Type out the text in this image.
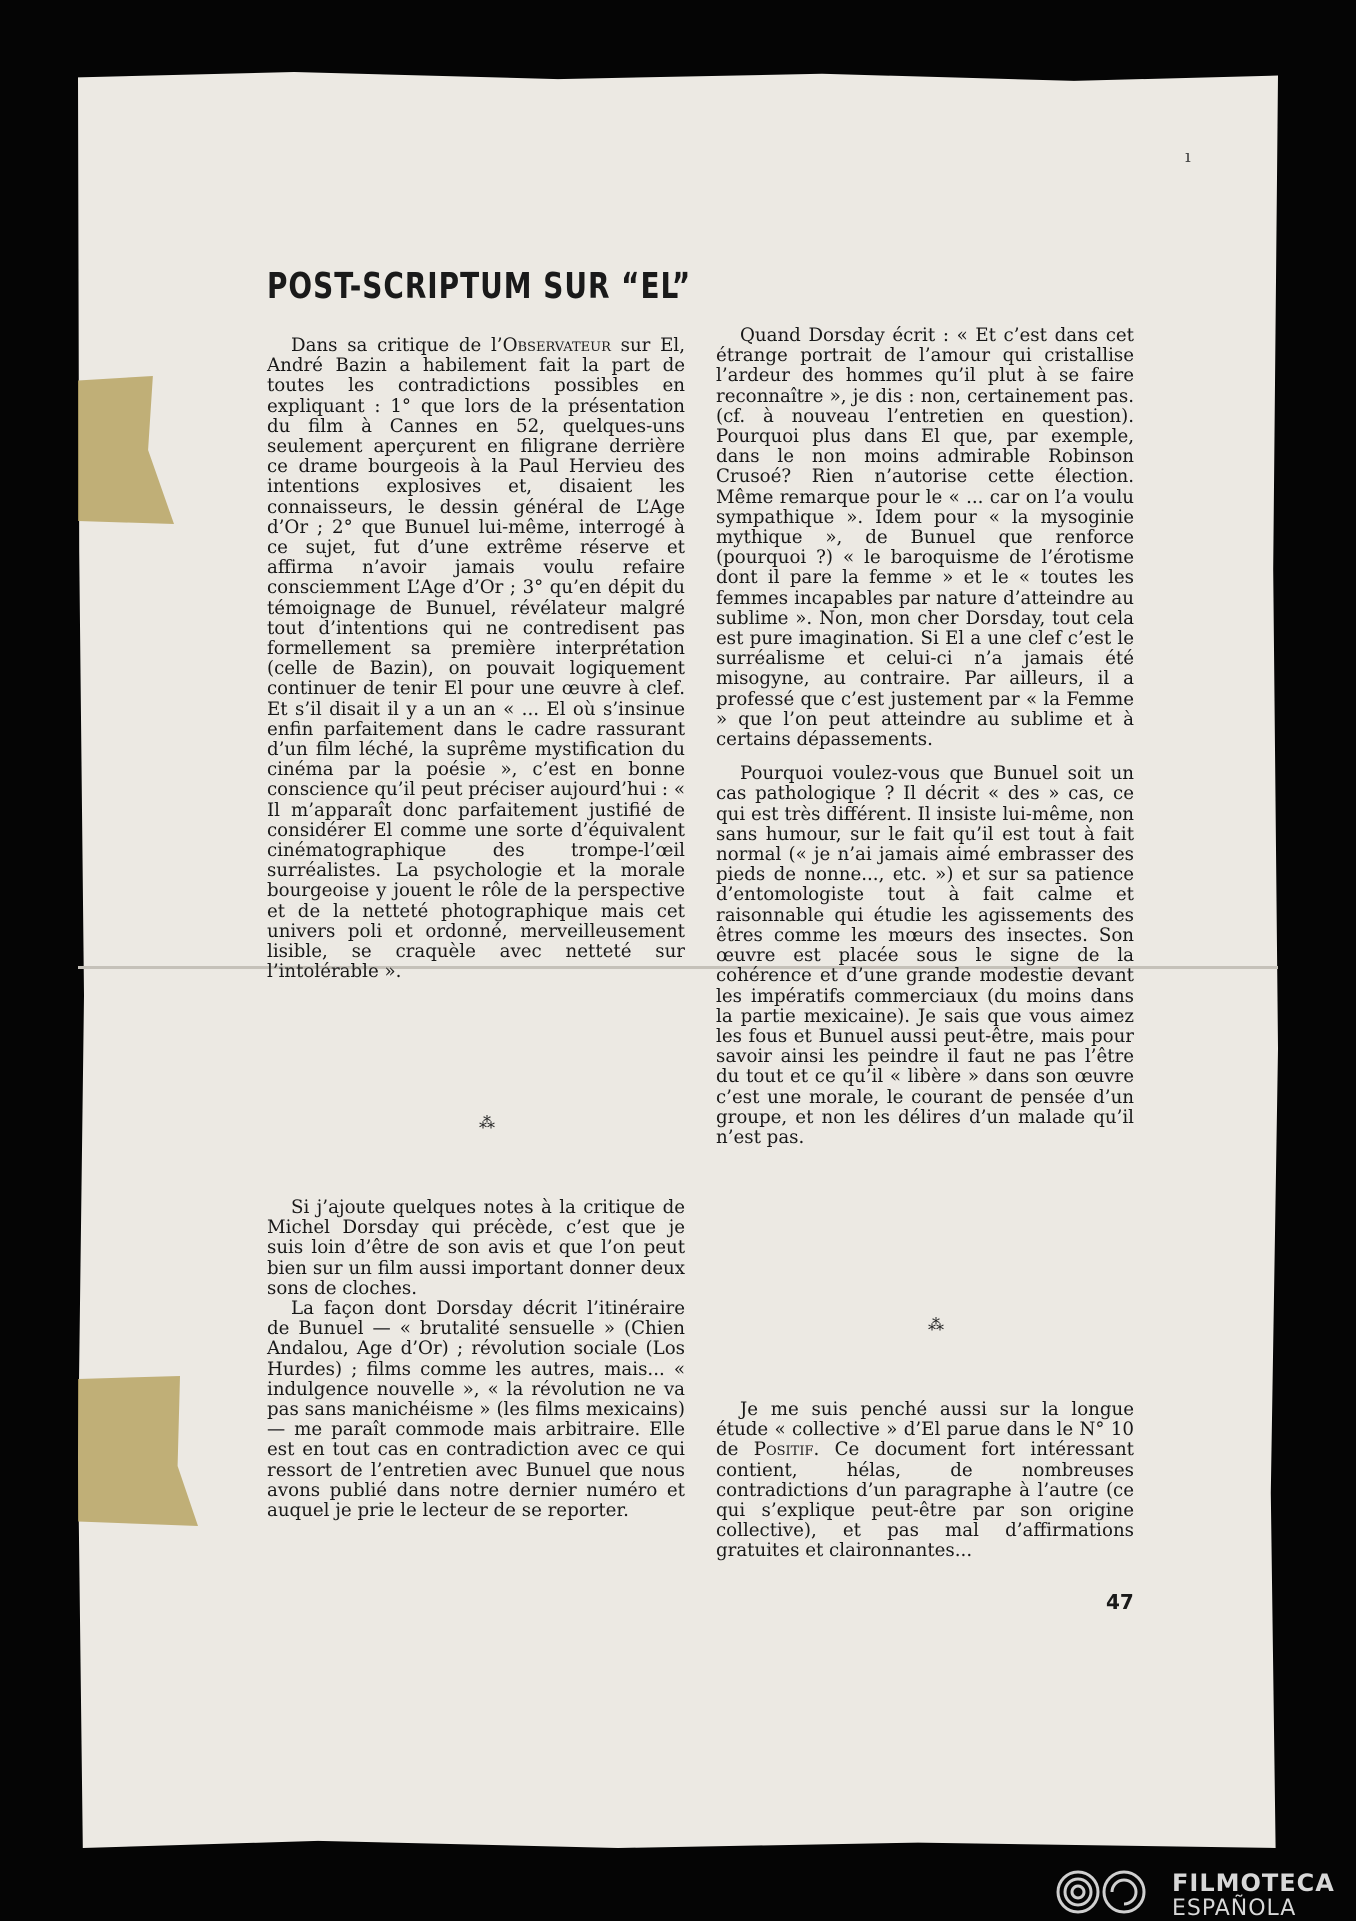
ı
POST-SCRIPTUM SUR “EL”

Dans sa critique de l’Observateur sur El, André Bazin a habilement fait la part de toutes les contradictions possibles en expliquant : 1° que lors de la présentation du film à Cannes en 52, quelques-uns seulement aperçurent en filigrane derrière ce drame bourgeois à la Paul Hervieu des intentions explosives et, disaient les connaisseurs, le dessin général de L’Age d’Or ; 2° que Bunuel lui-même, interrogé à ce sujet, fut d’une extrême réserve et affirma n’avoir jamais voulu refaire consciemment L’Age d’Or ; 3° qu’en dépit du témoignage de Bunuel, révélateur malgré tout d’intentions qui ne contredisent pas formellement sa première interprétation (celle de Bazin), on pouvait logiquement continuer de tenir El pour une œuvre à clef. Et s’il disait il y a un an « ... El où s’insinue enfin parfaitement dans le cadre rassurant d’un film léché, la suprême mystification du cinéma par la poésie », c’est en bonne conscience qu’il peut préciser aujourd’hui : « Il m’apparaît donc parfaitement justifié de considérer El comme une sorte d’équivalent cinématographique des trompe-l’œil surréalistes. La psychologie et la morale bourgeoise y jouent le rôle de la perspective et de la netteté photographique mais cet univers poli et ordonné, merveilleusement lisible, se craquèle avec netteté sur l’intolérable ».

⁂

Si j’ajoute quelques notes à la critique de Michel Dorsday qui précède, c’est que je suis loin d’être de son avis et que l’on peut bien sur un film aussi important donner deux sons de cloches.

La façon dont Dorsday décrit l’itinéraire de Bunuel — « brutalité sensuelle » (Chien Andalou, Age d’Or) ; révolution sociale (Los Hurdes) ; films comme les autres, mais... « indulgence nouvelle », « la révolution ne va pas sans manichéisme » (les films mexicains) — me paraît commode mais arbitraire. Elle est en tout cas en contradiction avec ce qui ressort de l’entretien avec Bunuel que nous avons publié dans notre dernier numéro et auquel je prie le lecteur de se reporter.

Quand Dorsday écrit : « Et c’est dans cet étrange portrait de l’amour qui cristallise l’ardeur des hommes qu’il plut à se faire reconnaître », je dis : non, certainement pas. (cf. à nouveau l’entretien en question). Pourquoi plus dans El que, par exemple, dans le non moins admirable Robinson Crusoé? Rien n’autorise cette élection. Même remarque pour le « ... car on l’a voulu sympathique ». Idem pour « la mysoginie mythique », de Bunuel que renforce (pourquoi ?) « le baroquisme de l’érotisme dont il pare la femme » et le « toutes les femmes incapables par nature d’atteindre au sublime ». Non, mon cher Dorsday, tout cela est pure imagination. Si El a une clef c’est le surréalisme et celui-ci n’a jamais été misogyne, au contraire. Par ailleurs, il a professé que c’est justement par « la Femme » que l’on peut atteindre au sublime et à certains dépassements.

Pourquoi voulez-vous que Bunuel soit un cas pathologique ? Il décrit « des » cas, ce qui est très différent. Il insiste lui-même, non sans humour, sur le fait qu’il est tout à fait normal (« je n’ai jamais aimé embrasser des pieds de nonne..., etc. ») et sur sa patience d’entomologiste tout à fait calme et raisonnable qui étudie les agissements des êtres comme les mœurs des insectes. Son œuvre est placée sous le signe de la cohérence et d’une grande modestie devant les impératifs commerciaux (du moins dans la partie mexicaine). Je sais que vous aimez les fous et Bunuel aussi peut-être, mais pour savoir ainsi les peindre il faut ne pas l’être du tout et ce qu’il « libère » dans son œuvre c’est une morale, le courant de pensée d’un groupe, et non les délires d’un malade qu’il n’est pas.

⁂

Je me suis penché aussi sur la longue étude « collective » d’El parue dans le N° 10 de Positif. Ce document fort intéressant contient, hélas, de nombreuses contradictions d’un paragraphe à l’autre (ce qui s’explique peut-être par son origine collective), et pas mal d’affirmations gratuites et claironnantes...

47
FILMOTECA
ESPAÑOLA
